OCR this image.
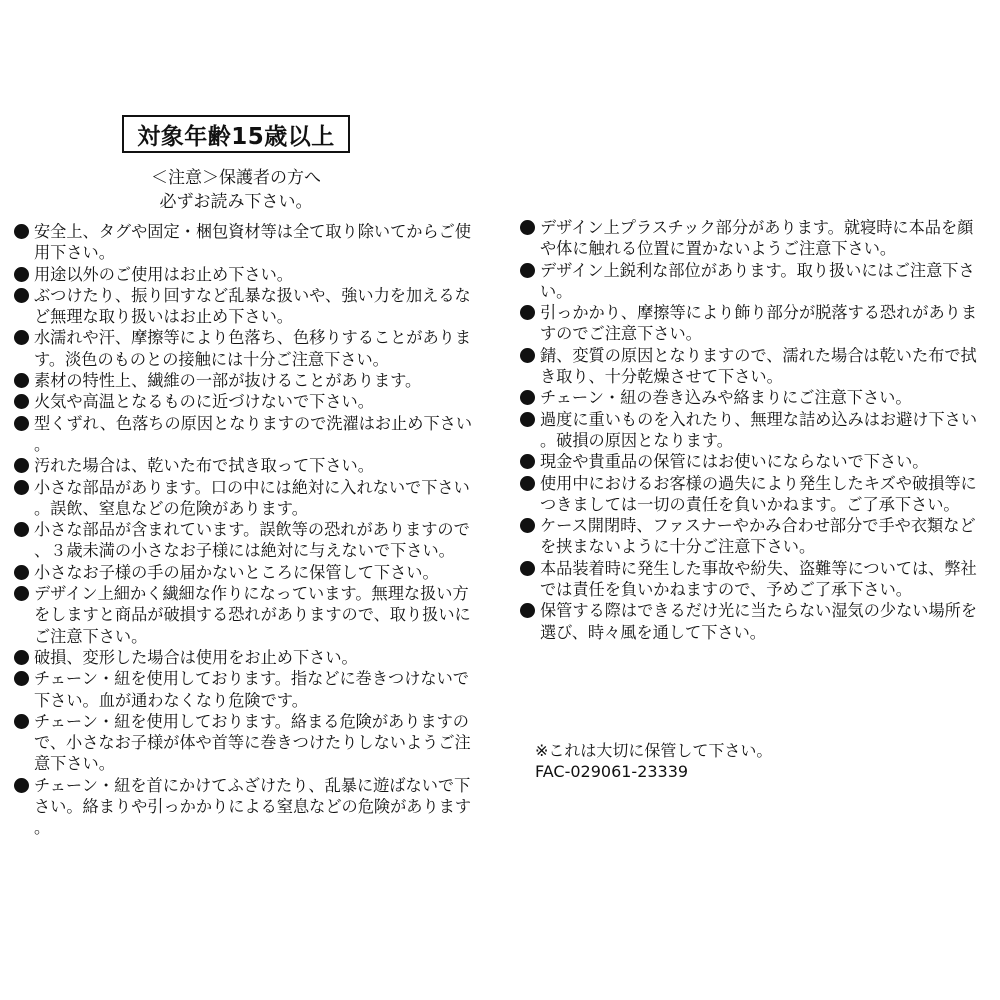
対象年齢15歳以上
＜注意＞保護者の方へ
必ずお読み下さい。
安全上、タグや固定・梱包資材等は全て取り除いてからご使用下さい。
用途以外のご使用はお止め下さい。
ぶつけたり、振り回すなど乱暴な扱いや、強い力を加えるなど無理な取り扱いはお止め下さい。
水濡れや汗、摩擦等により色落ち、色移りすることがあります。淡色のものとの接触には十分ご注意下さい。
素材の特性上、繊維の一部が抜けることがあります。
火気や高温となるものに近づけないで下さい。
型くずれ、色落ちの原因となりますので洗濯はお止め下さい。
汚れた場合は、乾いた布で拭き取って下さい。
小さな部品があります。口の中には絶対に入れないで下さい。誤飲、窒息などの危険があります。
小さな部品が含まれています。誤飲等の恐れがありますので、３歳未満の小さなお子様には絶対に与えないで下さい。
小さなお子様の手の届かないところに保管して下さい。
デザイン上細かく繊細な作りになっています。無理な扱い方をしますと商品が破損する恐れがありますので、取り扱いにご注意下さい。
破損、変形した場合は使用をお止め下さい。
チェーン・紐を使用しております。指などに巻きつけないで下さい。血が通わなくなり危険です。
チェーン・紐を使用しております。絡まる危険がありますので、小さなお子様が体や首等に巻きつけたりしないようご注意下さい。
チェーン・紐を首にかけてふざけたり、乱暴に遊ばないで下さい。絡まりや引っかかりによる窒息などの危険があります。
デザイン上プラスチック部分があります。就寝時に本品を顔や体に触れる位置に置かないようご注意下さい。
デザイン上鋭利な部位があります。取り扱いにはご注意下さい。
引っかかり、摩擦等により飾り部分が脱落する恐れがありますのでご注意下さい。
錆、変質の原因となりますので、濡れた場合は乾いた布で拭き取り、十分乾燥させて下さい。
チェーン・紐の巻き込みや絡まりにご注意下さい。
過度に重いものを入れたり、無理な詰め込みはお避け下さい。破損の原因となります。
現金や貴重品の保管にはお使いにならないで下さい。
使用中におけるお客様の過失により発生したキズや破損等につきましては一切の責任を負いかねます。ご了承下さい。
ケース開閉時、ファスナーやかみ合わせ部分で手や衣類などを挟まないように十分ご注意下さい。
本品装着時に発生した事故や紛失、盗難等については、弊社では責任を負いかねますので、予めご了承下さい。
保管する際はできるだけ光に当たらない湿気の少ない場所を選び、時々風を通して下さい。
※これは大切に保管して下さい。
FAC-029061-23339
